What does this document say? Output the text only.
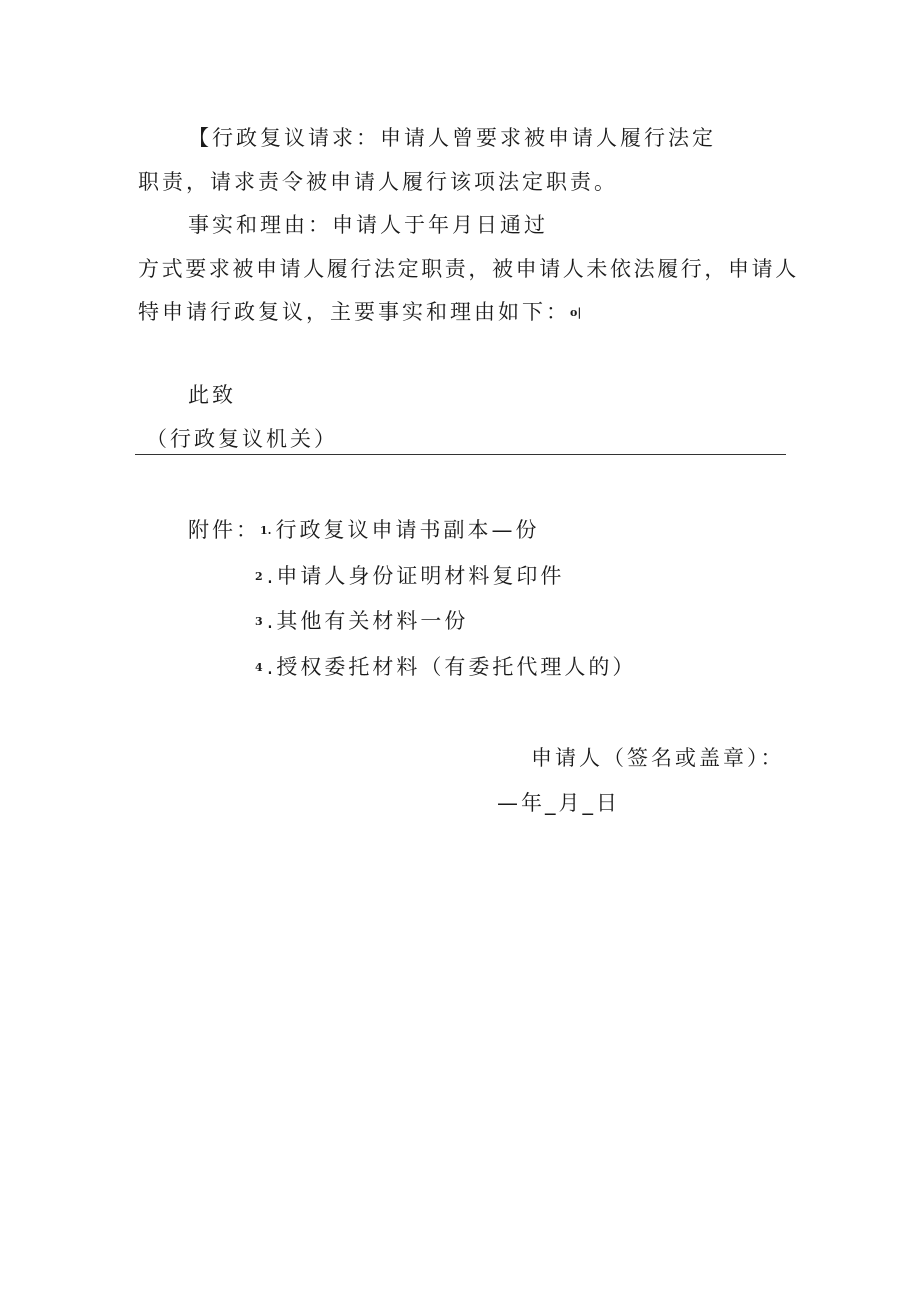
【行政复议请求：申请人曾要求被申请人履行法定
职责，请求责令被申请人履行该项法定职责。
事实和理由：申请人于年月日通过
方式要求被申请人履行法定职责，被申请人未依法履行，申请人
特申请行政复议，主要事实和理由如下：o|
此致
（行政复议机关）
附件：1. 行政复议申请书副本—份
2 .申请人身份证明材料复印件
3 .其他有关材料一份
4 .授权委托材料（有委托代理人的）
申请人（签名或盖章）：
—年_月_日
